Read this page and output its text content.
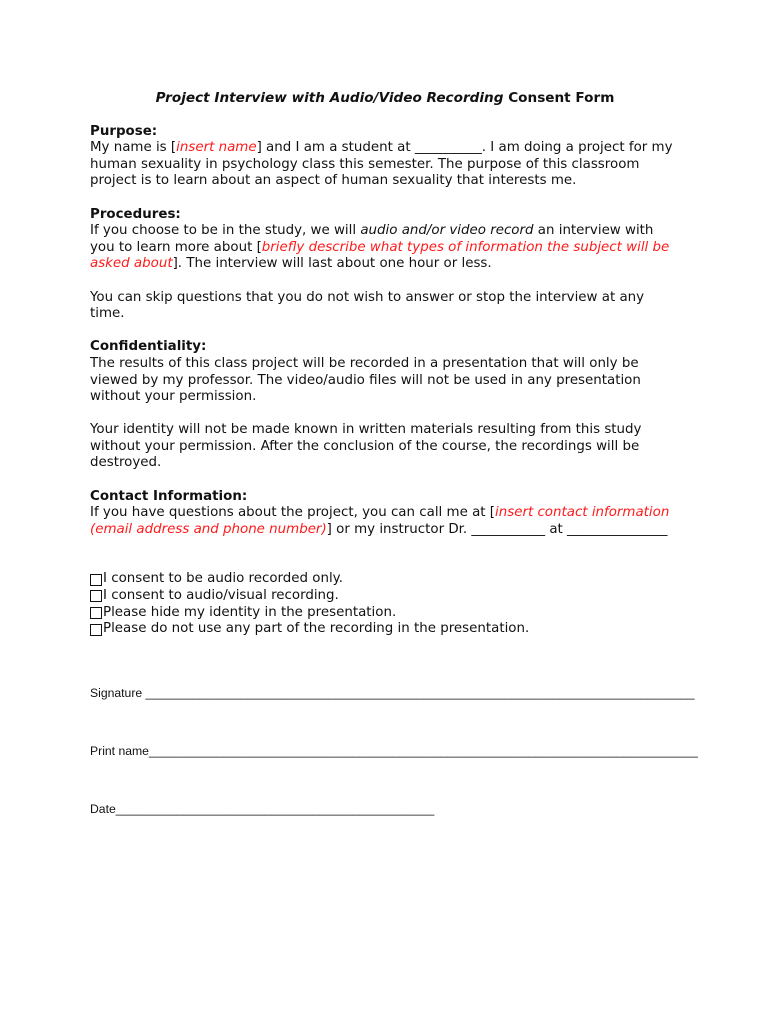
Project Interview with Audio/Video Recording Consent Form
Purpose:

My name is [insert name] and I am a student at __________. I am doing a project for my human sexuality in psychology class this semester. The purpose of this classroom project is to learn about an aspect of human sexuality that interests me.

Procedures:

If you choose to be in the study, we will audio and/or video record an interview with you to learn more about [briefly describe what types of information the subject will be asked about]. The interview will last about one hour or less.

You can skip questions that you do not wish to answer or stop the interview at any time.

Confidentiality:

The results of this class project will be recorded in a presentation that will only be viewed by my professor. The video/audio files will not be used in any presentation without your permission.

Your identity will not be made known in written materials resulting from this study without your permission. After the conclusion of the course, the recordings will be destroyed.

Contact Information:

If you have questions about the project, you can call me at [insert contact information (email address and phone number)] or my instructor Dr. ___________ at _______________

I consent to be audio recorded only.
I consent to audio/visual recording.
Please hide my identity in the presentation.
Please do not use any part of the recording in the presentation.
Signature _________________________________________________________________________________
Print name_________________________________________________________________________________
Date_______________________________________________
